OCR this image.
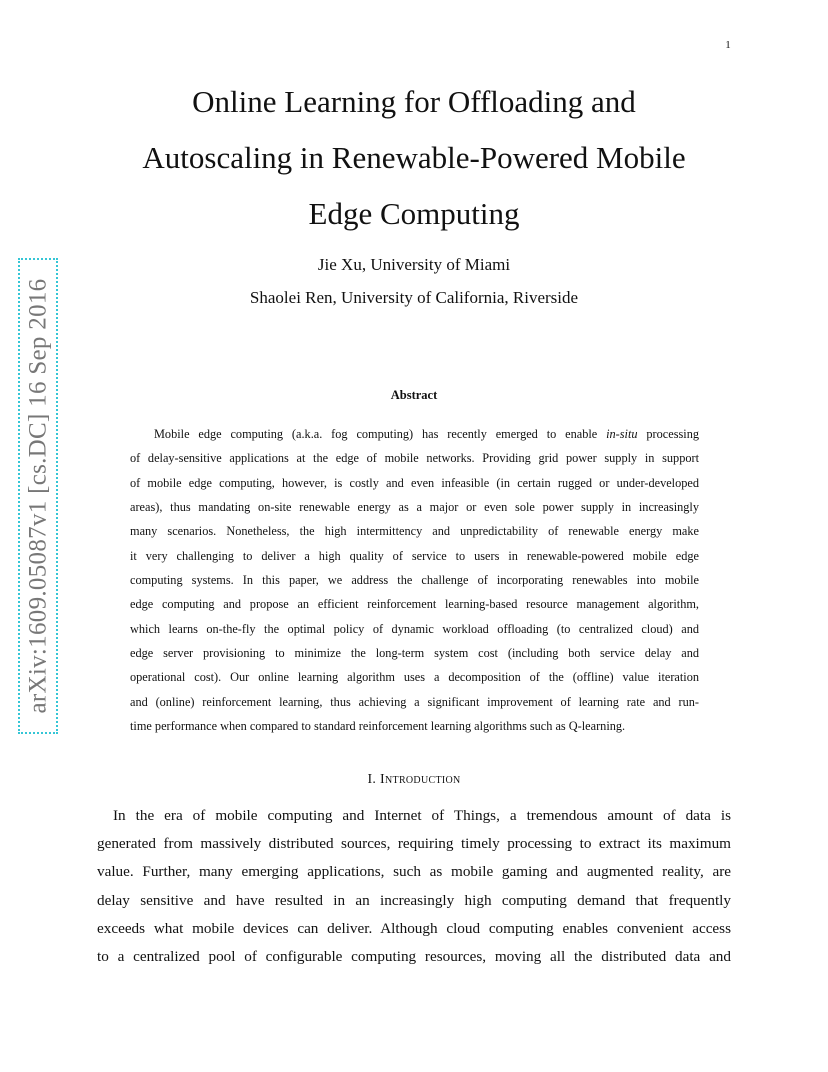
1
arXiv:1609.05087v1 [cs.DC] 16 Sep 2016
Online Learning for Offloading and
Autoscaling in Renewable-Powered Mobile
Edge Computing

Jie Xu, University of Miami

Shaolei Ren, University of California, Riverside

Abstract

Mobile edge computing (a.k.a. fog computing) has recently emerged to enable in-situ processing
of delay-sensitive applications at the edge of mobile networks. Providing grid power supply in support
of mobile edge computing, however, is costly and even infeasible (in certain rugged or under-developed
areas), thus mandating on-site renewable energy as a major or even sole power supply in increasingly
many scenarios. Nonetheless, the high intermittency and unpredictability of renewable energy make
it very challenging to deliver a high quality of service to users in renewable-powered mobile edge
computing systems. In this paper, we address the challenge of incorporating renewables into mobile
edge computing and propose an efficient reinforcement learning-based resource management algorithm,
which learns on-the-fly the optimal policy of dynamic workload offloading (to centralized cloud) and
edge server provisioning to minimize the long-term system cost (including both service delay and
operational cost). Our online learning algorithm uses a decomposition of the (offline) value iteration
and (online) reinforcement learning, thus achieving a significant improvement of learning rate and run-
time performance when compared to standard reinforcement learning algorithms such as Q-learning.
I. Introduction
In the era of mobile computing and Internet of Things, a tremendous amount of data is
generated from massively distributed sources, requiring timely processing to extract its maximum
value. Further, many emerging applications, such as mobile gaming and augmented reality, are
delay sensitive and have resulted in an increasingly high computing demand that frequently
exceeds what mobile devices can deliver. Although cloud computing enables convenient access
to a centralized pool of configurable computing resources, moving all the distributed data and
